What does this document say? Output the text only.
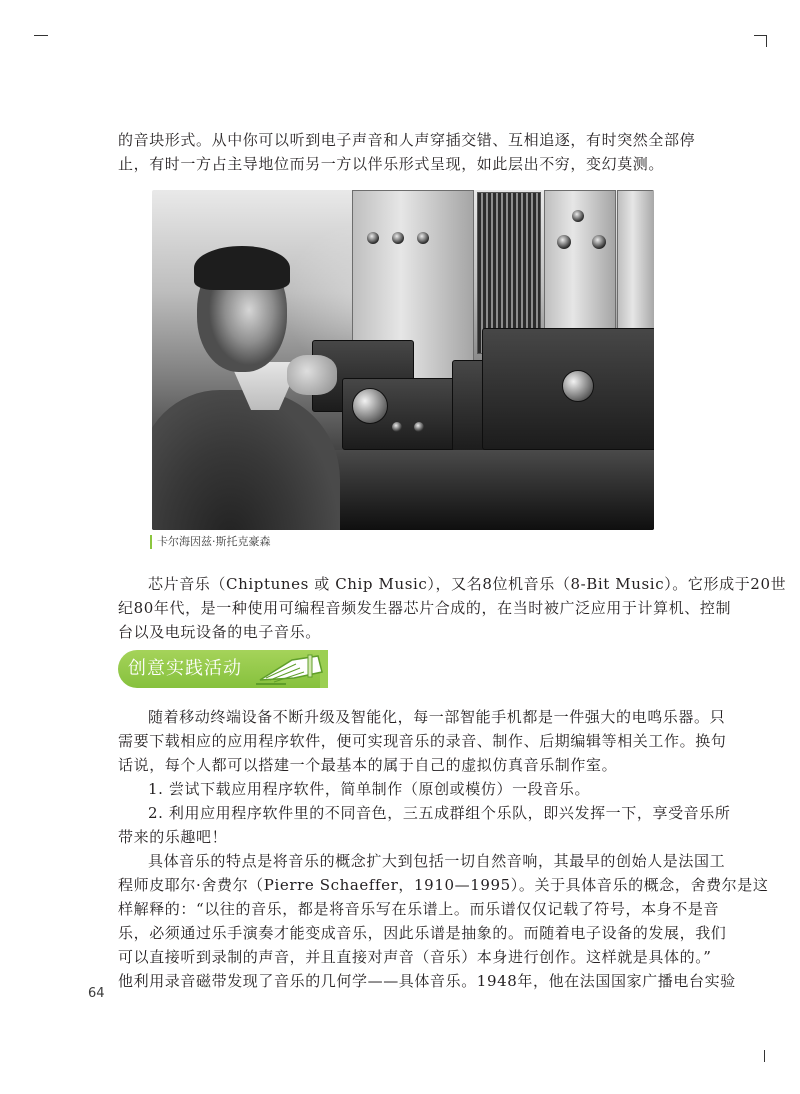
的音块形式。从中你可以听到电子声音和人声穿插交错、互相追逐，有时突然全部停
止，有时一方占主导地位而另一方以伴乐形式呈现，如此层出不穷，变幻莫测。

卡尔海因兹·斯托克豪森

芯片音乐（Chiptunes 或 Chip Music），又名8位机音乐（8-Bit Music）。它形成于20世
纪80年代，是一种使用可编程音频发生器芯片合成的，在当时被广泛应用于计算机、控制
台以及电玩设备的电子音乐。

创意实践活动

随着移动终端设备不断升级及智能化，每一部智能手机都是一件强大的电鸣乐器。只
需要下载相应的应用程序软件，便可实现音乐的录音、制作、后期编辑等相关工作。换句
话说，每个人都可以搭建一个最基本的属于自己的虚拟仿真音乐制作室。
1. 尝试下载应用程序软件，简单制作（原创或模仿）一段音乐。
2. 利用应用程序软件里的不同音色，三五成群组个乐队，即兴发挥一下，享受音乐所
带来的乐趣吧！

具体音乐的特点是将音乐的概念扩大到包括一切自然音响，其最早的创始人是法国工
程师皮耶尔·舍费尔（Pierre Schaeffer，1910—1995）。关于具体音乐的概念，舍费尔是这
样解释的：“以往的音乐，都是将音乐写在乐谱上。而乐谱仅仅记载了符号，本身不是音
乐，必须通过乐手演奏才能变成音乐，因此乐谱是抽象的。而随着电子设备的发展，我们
可以直接听到录制的声音，并且直接对声音（音乐）本身进行创作。这样就是具体的。”
他利用录音磁带发现了音乐的几何学——具体音乐。1948年，他在法国国家广播电台实验

64
